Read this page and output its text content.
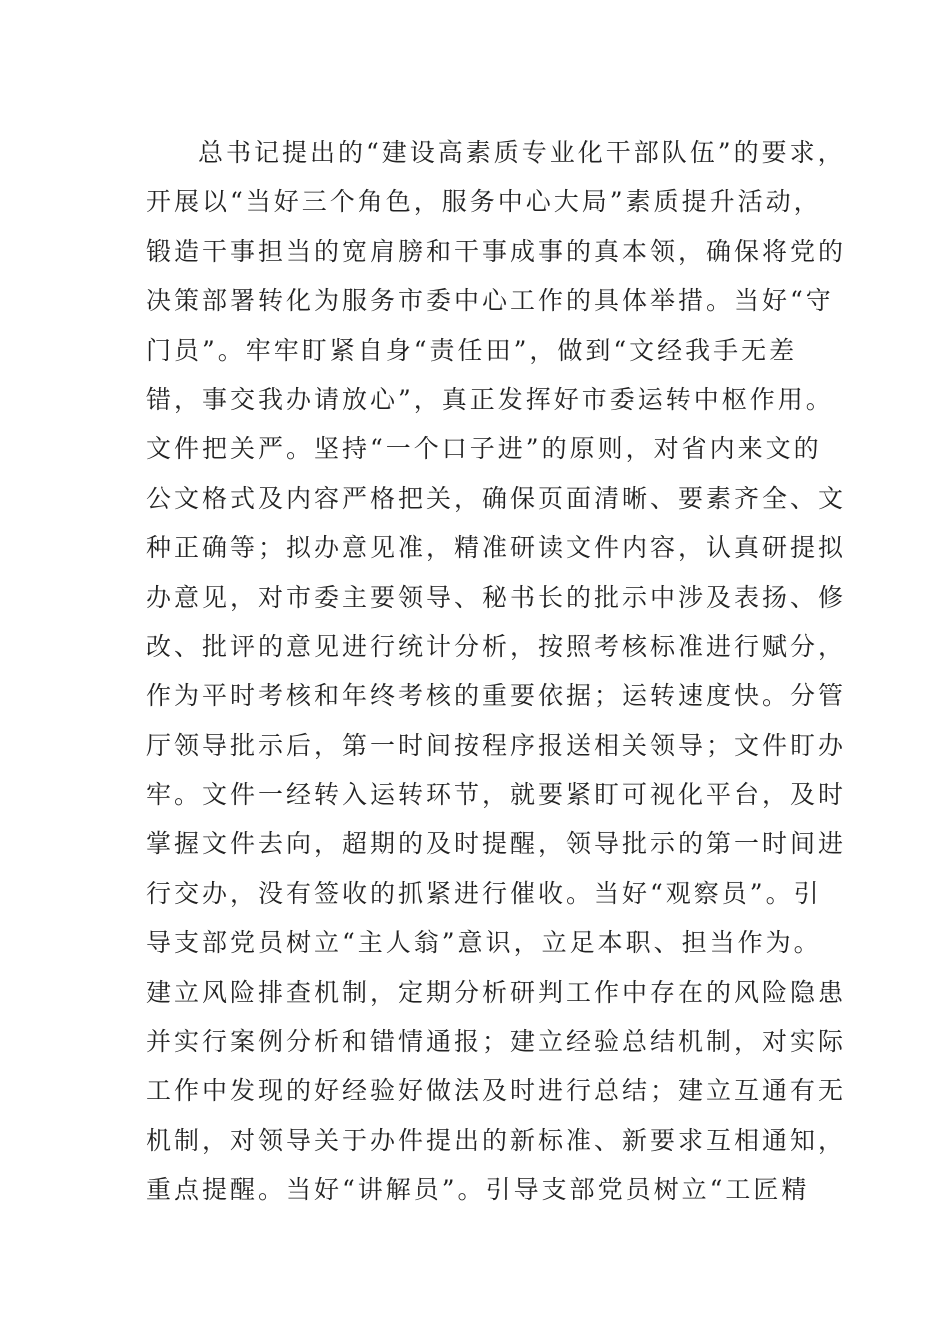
总书记提出的“建设高素质专业化干部队伍”的要求，
开展以“当好三个角色，服务中心大局”素质提升活动，
锻造干事担当的宽肩膀和干事成事的真本领，确保将党的
决策部署转化为服务市委中心工作的具体举措。当好“守
门员”。牢牢盯紧自身“责任田”，做到“文经我手无差
错，事交我办请放心”，真正发挥好市委运转中枢作用。
文件把关严。坚持“一个口子进”的原则，对省内来文的
公文格式及内容严格把关，确保页面清晰、要素齐全、文
种正确等；拟办意见准，精准研读文件内容，认真研提拟
办意见，对市委主要领导、秘书长的批示中涉及表扬、修
改、批评的意见进行统计分析，按照考核标准进行赋分，
作为平时考核和年终考核的重要依据；运转速度快。分管
厅领导批示后，第一时间按程序报送相关领导；文件盯办
牢。文件一经转入运转环节，就要紧盯可视化平台，及时
掌握文件去向，超期的及时提醒，领导批示的第一时间进
行交办，没有签收的抓紧进行催收。当好“观察员”。引
导支部党员树立“主人翁”意识，立足本职、担当作为。
建立风险排查机制，定期分析研判工作中存在的风险隐患
并实行案例分析和错情通报；建立经验总结机制，对实际
工作中发现的好经验好做法及时进行总结；建立互通有无
机制，对领导关于办件提出的新标准、新要求互相通知，
重点提醒。当好“讲解员”。引导支部党员树立“工匠精
